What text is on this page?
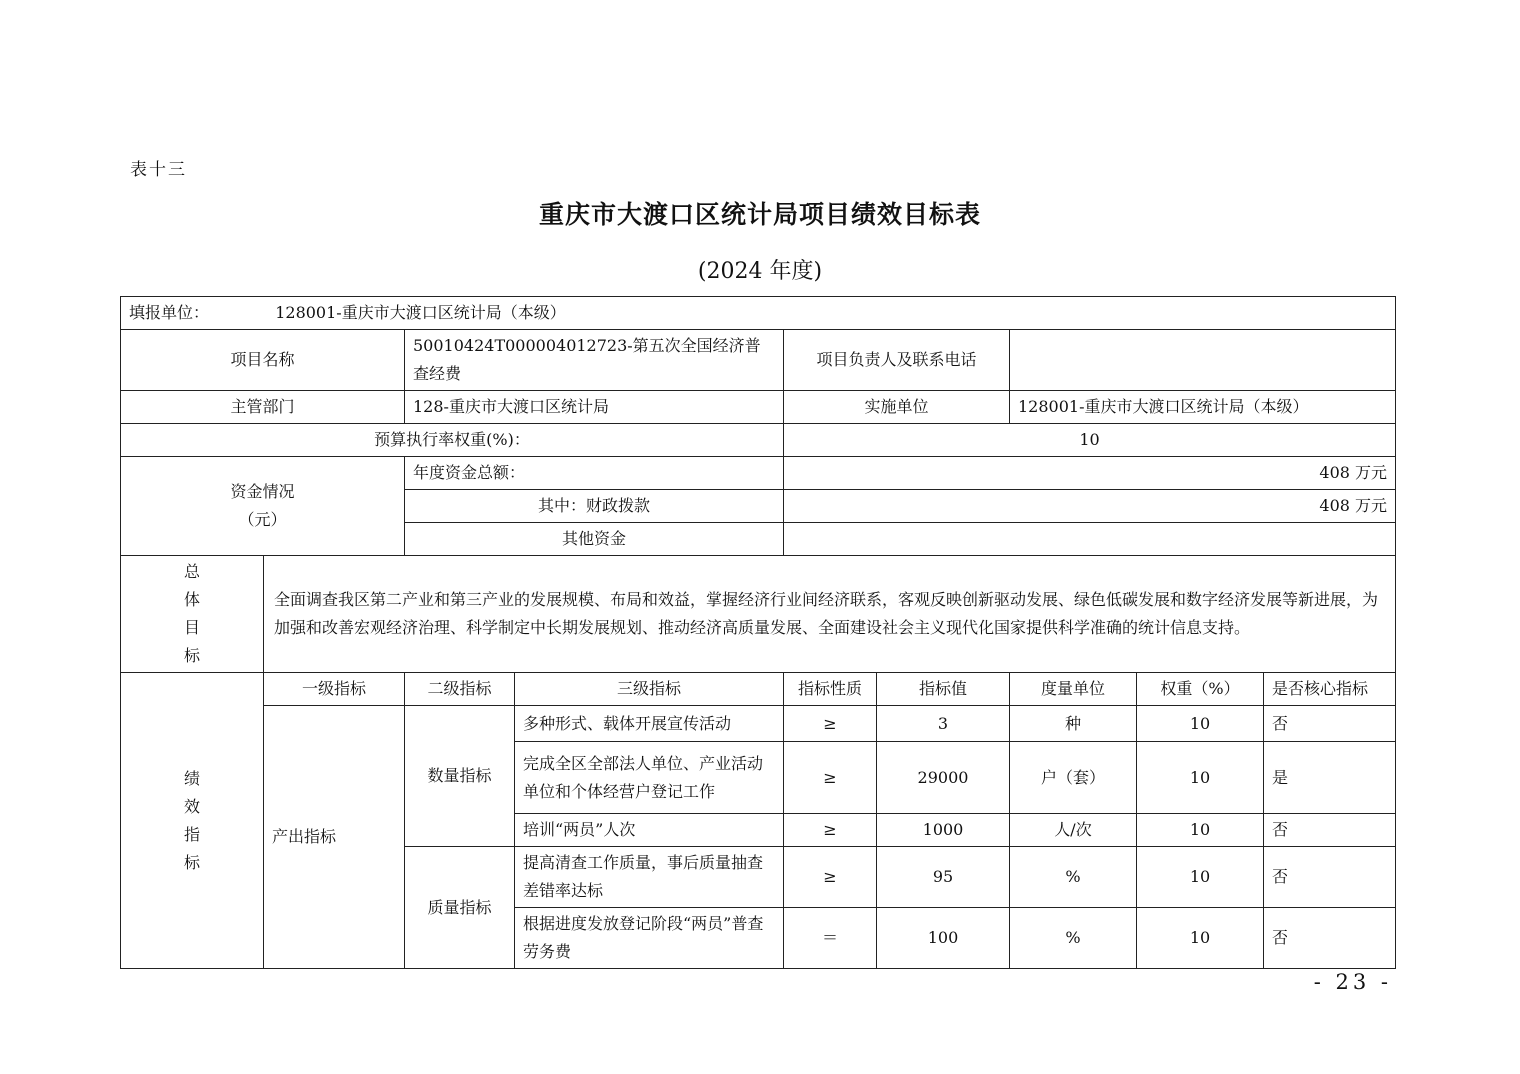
表十三
重庆市大渡口区统计局项目绩效目标表
(2024 年度)
填报单位： 128001-重庆市大渡口区统计局（本级）								
项目名称		50010424T000004012723-第五次全国经济普查经费		项目负责人及联系电话				
主管部门		128-重庆市大渡口区统计局		实施单位		128001-重庆市大渡口区统计局（本级）		
预算执行率权重(%)：				10				

资金情况
（元）		年度资金总额：		408 万元				
		其中：财政拨款		408 万元				
		其他资金						
总体目标	全面调查我区第二产业和第三产业的发展规模、布局和效益，掌握经济行业间经济联系，客观反映创新驱动发展、绿色低碳发展和数字经济发展等新进展，为加强和改善宏观经济治理、科学制定中长期发展规划、推动经济高质量发展、全面建设社会主义现代化国家提供科学准确的统计信息支持。							
绩效指标	一级指标	二级指标	三级指标	指标性质	指标值	度量单位	权重（%）	是否核心指标
	产出指标	数量指标	多种形式、载体开展宣传活动	≥	3	种	10	否
			完成全区全部法人单位、产业活动单位和个体经营户登记工作	≥	29000	户（套）	10	是
			培训“两员”人次	≥	1000	人/次	10	否
		质量指标	提高清查工作质量，事后质量抽查差错率达标	≥	95	%	10	否
			根据进度发放登记阶段“两员”普查劳务费	＝	100	%	10	否
- 23 -
